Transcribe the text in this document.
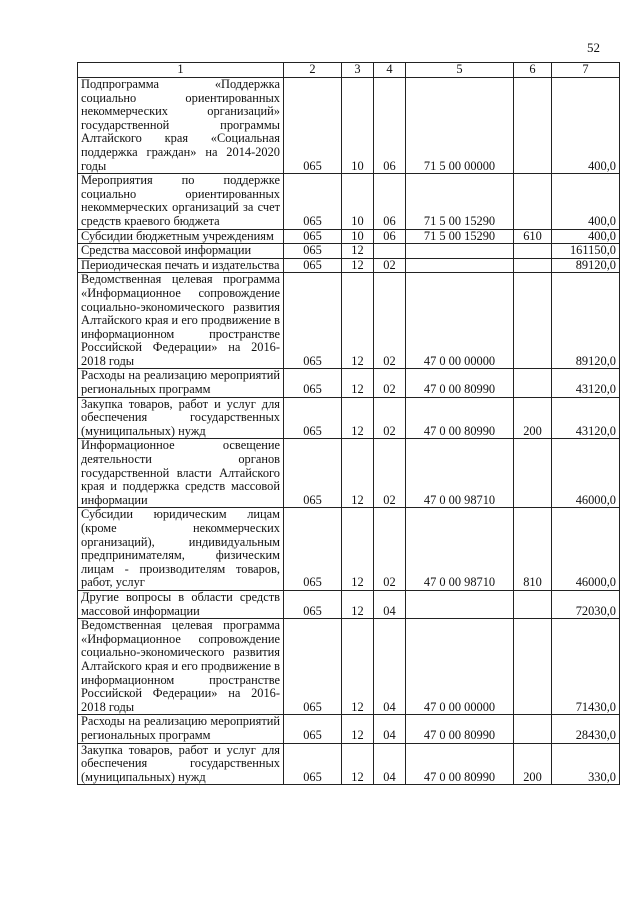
52
1	2	3	4	5	6	7
Подпрограмма «Поддержка социально ориентированных некоммерческих организаций» государственной программы Алтайского края «Социальная поддержка граждан» на 2014-2020 годы	065	10	06	71 5 00 00000		400,0
Мероприятия по поддержке социально ориентированных некоммерческих организаций за счет средств краевого бюджета	065	10	06	71 5 00 15290		400,0
Субсидии бюджетным учреждениям	065	10	06	71 5 00 15290	610	400,0
Средства массовой информации	065	12				161150,0
Периодическая печать и издательства	065	12	02			89120,0
Ведомственная целевая программа «Информационное сопровождение социально-экономического развития Алтайского края и его продвижение в информационном пространстве Российской Федерации» на 2016-2018 годы	065	12	02	47 0 00 00000		89120,0
Расходы на реализацию мероприятий региональных программ	065	12	02	47 0 00 80990		43120,0
Закупка товаров, работ и услуг для обеспечения государственных (муниципальных) нужд	065	12	02	47 0 00 80990	200	43120,0
Информационное освещение деятельности органов государственной власти Алтайского края и поддержка средств массовой информации	065	12	02	47 0 00 98710		46000,0
Субсидии юридическим лицам (кроме некоммерческих организаций), индивидуальным предпринимателям, физическим лицам - производителям товаров, работ, услуг	065	12	02	47 0 00 98710	810	46000,0
Другие вопросы в области средств массовой информации	065	12	04			72030,0
Ведомственная целевая программа «Информационное сопровождение социально-экономического развития Алтайского края и его продвижение в информационном пространстве Российской Федерации» на 2016-2018 годы	065	12	04	47 0 00 00000		71430,0
Расходы на реализацию мероприятий региональных программ	065	12	04	47 0 00 80990		28430,0
Закупка товаров, работ и услуг для обеспечения государственных (муниципальных) нужд	065	12	04	47 0 00 80990	200	330,0
